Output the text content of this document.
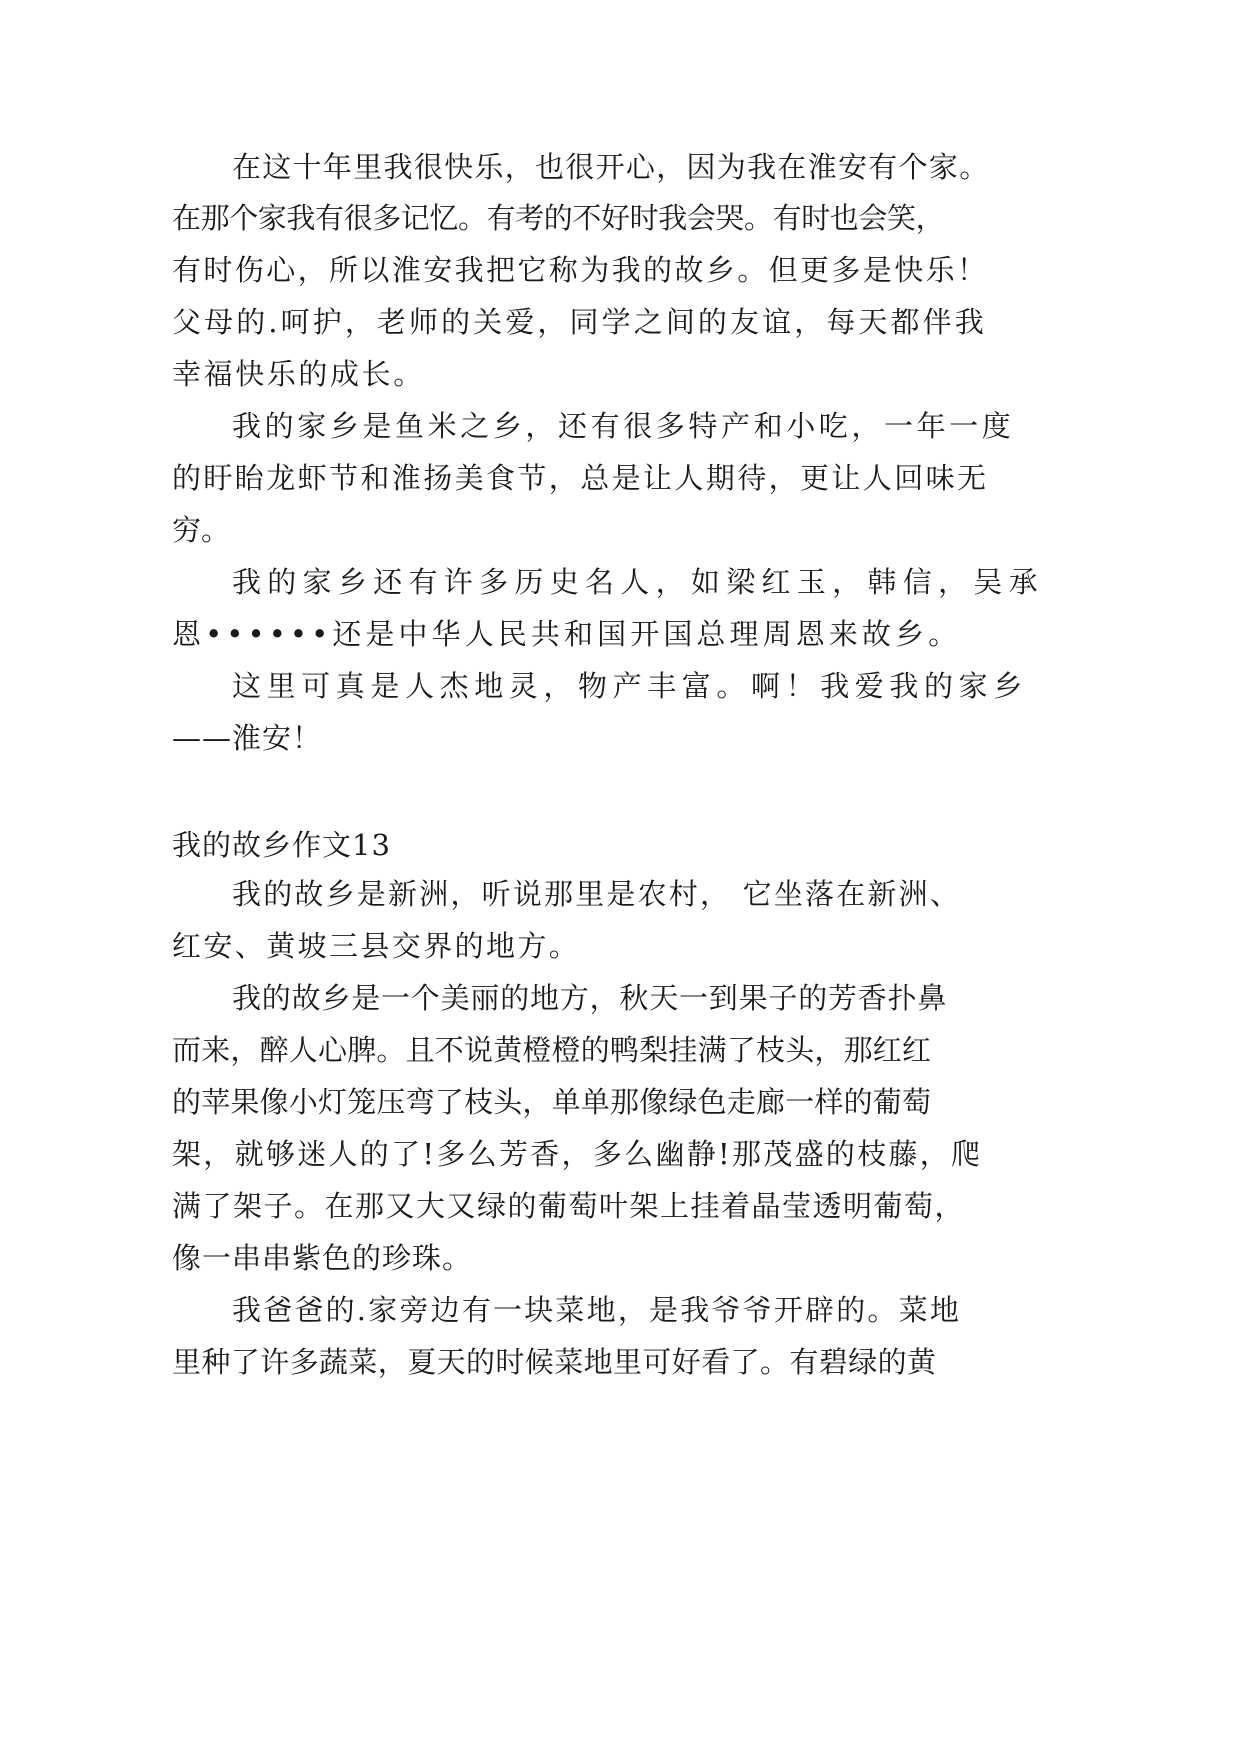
在这十年里我很快乐，也很开心，因为我在淮安有个家。
在那个家我有很多记忆。有考的不好时我会哭。有时也会笑，
有时伤心，所以淮安我把它称为我的故乡。但更多是快乐！
父母的.呵护，老师的关爱，同学之间的友谊，每天都伴我
幸福快乐的成长。
我的家乡是鱼米之乡，还有很多特产和小吃，一年一度
的盱眙龙虾节和淮扬美食节，总是让人期待，更让人回味无
穷。
我的家乡还有许多历史名人，如梁红玉，韩信，吴承
恩••••••还是中华人民共和国开国总理周恩来故乡。
这里可真是人杰地灵，物产丰富。啊！我爱我的家乡
——淮安！
我的故乡作文13
我的故乡是新洲，听说那里是农村， 它坐落在新洲、
红安、黄坡三县交界的地方。
我的故乡是一个美丽的地方，秋天一到果子的芳香扑鼻
而来，醉人心脾。且不说黄橙橙的鸭梨挂满了枝头，那红红
的苹果像小灯笼压弯了枝头，单单那像绿色走廊一样的葡萄
架，就够迷人的了!多么芳香，多么幽静!那茂盛的枝藤，爬
满了架子。在那又大又绿的葡萄叶架上挂着晶莹透明葡萄，
像一串串紫色的珍珠。
我爸爸的.家旁边有一块菜地，是我爷爷开辟的。菜地
里种了许多蔬菜，夏天的时候菜地里可好看了。有碧绿的黄
